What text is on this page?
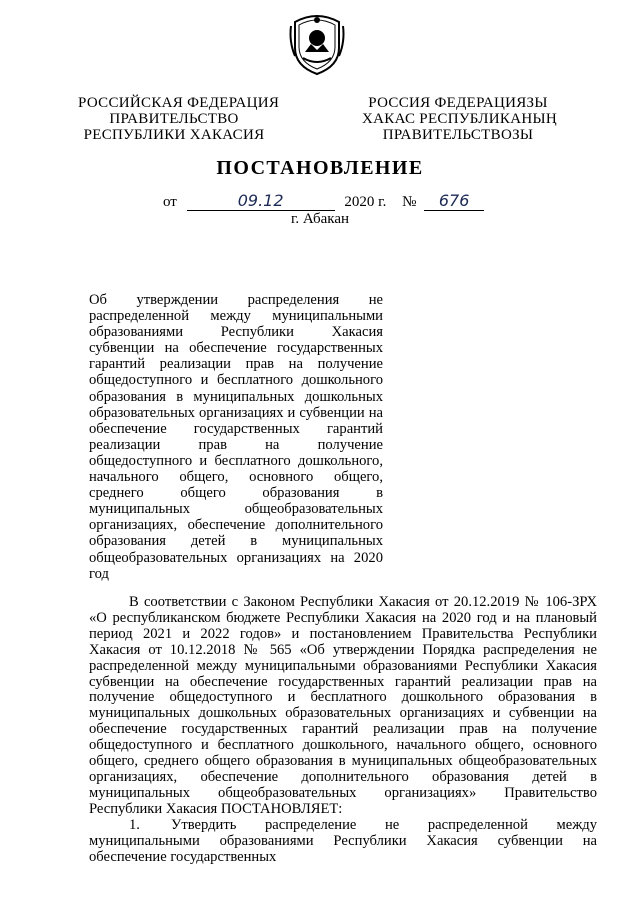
РОССИЙСКАЯ ФЕДЕРАЦИЯ
ПРАВИТЕЛЬСТВО
РЕСПУБЛИКИ ХАКАСИЯ
РОССИЯ ФЕДЕРАЦИЯЗЫ
ХАКАС РЕСПУБЛИКАНЫҢ
ПРАВИТЕЛЬСТВОЗЫ
ПОСТАНОВЛЕНИЕ
от	09.12	2020 г. № 676
г. Абакан
Об утверждении распределения не распределенной между муниципальными образованиями Республики Хакасия субвенции на обеспечение государственных гарантий реализации прав на получение общедоступного и бесплатного дошкольного образования в муниципальных дошкольных образовательных организациях и субвенции на обеспечение государственных гарантий реализации прав на получение общедоступного и бесплатного дошкольного, начального общего, основного общего, среднего общего образования в муниципальных общеобразовательных организациях, обеспечение дополнительного образования детей в муниципальных общеобразовательных организациях на 2020 год

В соответствии с Законом Республики Хакасия от 20.12.2019 № 106-ЗРХ «О республиканском бюджете Республики Хакасия на 2020 год и на плановый период 2021 и 2022 годов» и постановлением Правительства Республики Хакасия от 10.12.2018 № 565 «Об утверждении Порядка распределения не распределенной между муниципальными образованиями Республики Хакасия субвенции на обеспечение государственных гарантий реализации прав на получение общедоступного и бесплатного дошкольного образования в муниципальных дошкольных образовательных организациях и субвенции на обеспечение государственных гарантий реализации прав на получение общедоступного и бесплатного дошкольного, начального общего, основного общего, среднего общего образования в муниципальных общеобразовательных организациях, обеспечение дополнительного образования детей в муниципальных общеобразовательных организациях» Правительство Республики Хакасия ПОСТАНОВЛЯЕТ:

1. Утвердить распределение не распределенной между муниципальными образованиями Республики Хакасия субвенции на обеспечение государственных
